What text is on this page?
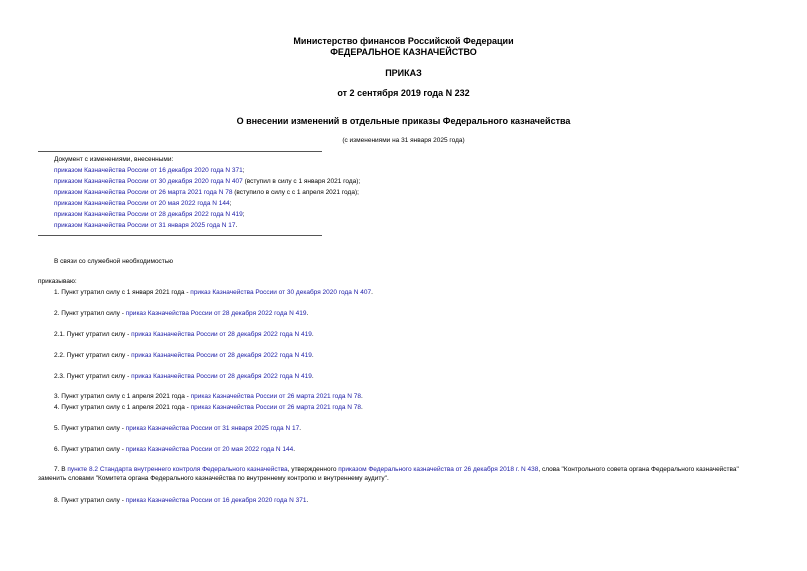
Министерство финансов Российской Федерации
ФЕДЕРАЛЬНОЕ КАЗНАЧЕЙСТВО
ПРИКАЗ
от 2 сентября 2019 года N 232
О внесении изменений в отдельные приказы Федерального казначейства
(с изменениями на 31 января 2025 года)
Документ с изменениями, внесенными:
приказом Казначейства России от 16 декабря 2020 года N 371;
приказом Казначейства России от 30 декабря 2020 года N 407 (вступил в силу с 1 января 2021 года);
приказом Казначейства России от 26 марта 2021 года N 78 (вступило в силу с с 1 апреля 2021 года);
приказом Казначейства России от 20 мая 2022 года N 144;
приказом Казначейства России от 28 декабря 2022 года N 419;
приказом Казначейства России от 31 января 2025 года N 17.
В связи со служебной необходимостью
приказываю:
1. Пункт утратил силу с 1 января 2021 года - приказ Казначейства России от 30 декабря 2020 года N 407.
2. Пункт утратил силу - приказ Казначейства России от 28 декабря 2022 года N 419.
2.1. Пункт утратил силу - приказ Казначейства России от 28 декабря 2022 года N 419.
2.2. Пункт утратил силу - приказ Казначейства России от 28 декабря 2022 года N 419.
2.3. Пункт утратил силу - приказ Казначейства России от 28 декабря 2022 года N 419.
3. Пункт утратил силу с 1 апреля 2021 года - приказ Казначейства России от 26 марта 2021 года N 78.
4. Пункт утратил силу с 1 апреля 2021 года - приказ Казначейства России от 26 марта 2021 года N 78.
5. Пункт утратил силу - приказ Казначейства России от 31 января 2025 года N 17.
6. Пункт утратил силу - приказ Казначейства России от 20 мая 2022 года N 144.
7. В пункте 8.2 Стандарта внутреннего контроля Федерального казначейства, утвержденного приказом Федерального казначейства от 26 декабря 2018 г. N 438, слова "Контрольного совета органа Федерального казначейства" заменить словами "Комитета органа Федерального казначейства по внутреннему контролю и внутреннему аудиту".
8. Пункт утратил силу - приказ Казначейства России от 16 декабря 2020 года N 371.
